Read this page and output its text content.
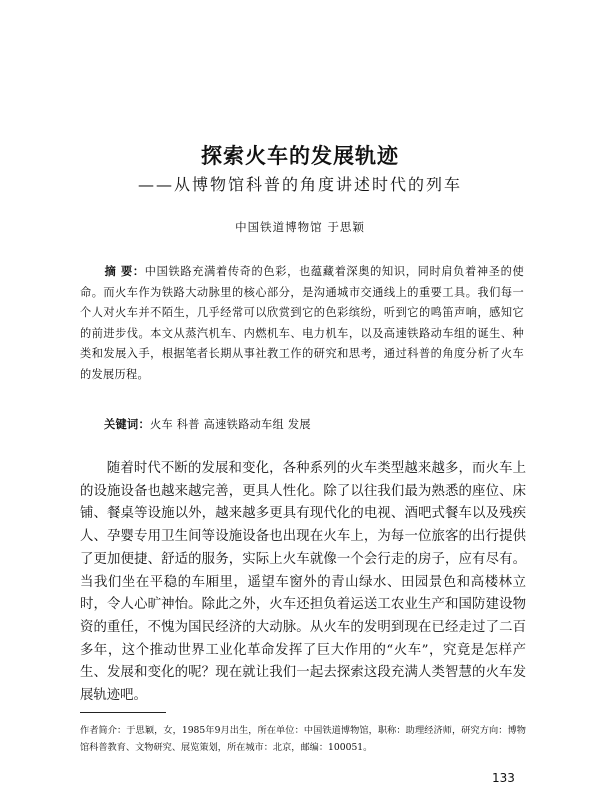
探索火车的发展轨迹
——从博物馆科普的角度讲述时代的列车
中国铁道博物馆 于思颖

摘 要：中国铁路充满着传奇的色彩，也蕴藏着深奥的知识，同时肩负着神圣的使命。而火车作为铁路大动脉里的核心部分，是沟通城市交通线上的重要工具。我们每一个人对火车并不陌生，几乎经常可以欣赏到它的色彩缤纷，听到它的鸣笛声响，感知它的前进步伐。本文从蒸汽机车、内燃机车、电力机车，以及高速铁路动车组的诞生、种类和发展入手，根据笔者长期从事社教工作的研究和思考，通过科普的角度分析了火车的发展历程。

关键词：火车 科普 高速铁路动车组 发展

随着时代不断的发展和变化，各种系列的火车类型越来越多，而火车上的设施设备也越来越完善，更具人性化。除了以往我们最为熟悉的座位、床铺、餐桌等设施以外，越来越多更具有现代化的电视、酒吧式餐车以及残疾人、孕婴专用卫生间等设施设备也出现在火车上，为每一位旅客的出行提供了更加便捷、舒适的服务，实际上火车就像一个会行走的房子，应有尽有。当我们坐在平稳的车厢里，遥望车窗外的青山绿水、田园景色和高楼林立时，令人心旷神怡。除此之外，火车还担负着运送工农业生产和国防建设物资的重任，不愧为国民经济的大动脉。从火车的发明到现在已经走过了二百多年，这个推动世界工业化革命发挥了巨大作用的“火车”，究竟是怎样产生、发展和变化的呢？现在就让我们一起去探索这段充满人类智慧的火车发展轨迹吧。

作者简介：于思颖，女，1985年9月出生，所在单位：中国铁道博物馆，职称：助理经济师，研究方向：博物馆科普教育、文物研究、展览策划，所在城市：北京，邮编：100051。

133
